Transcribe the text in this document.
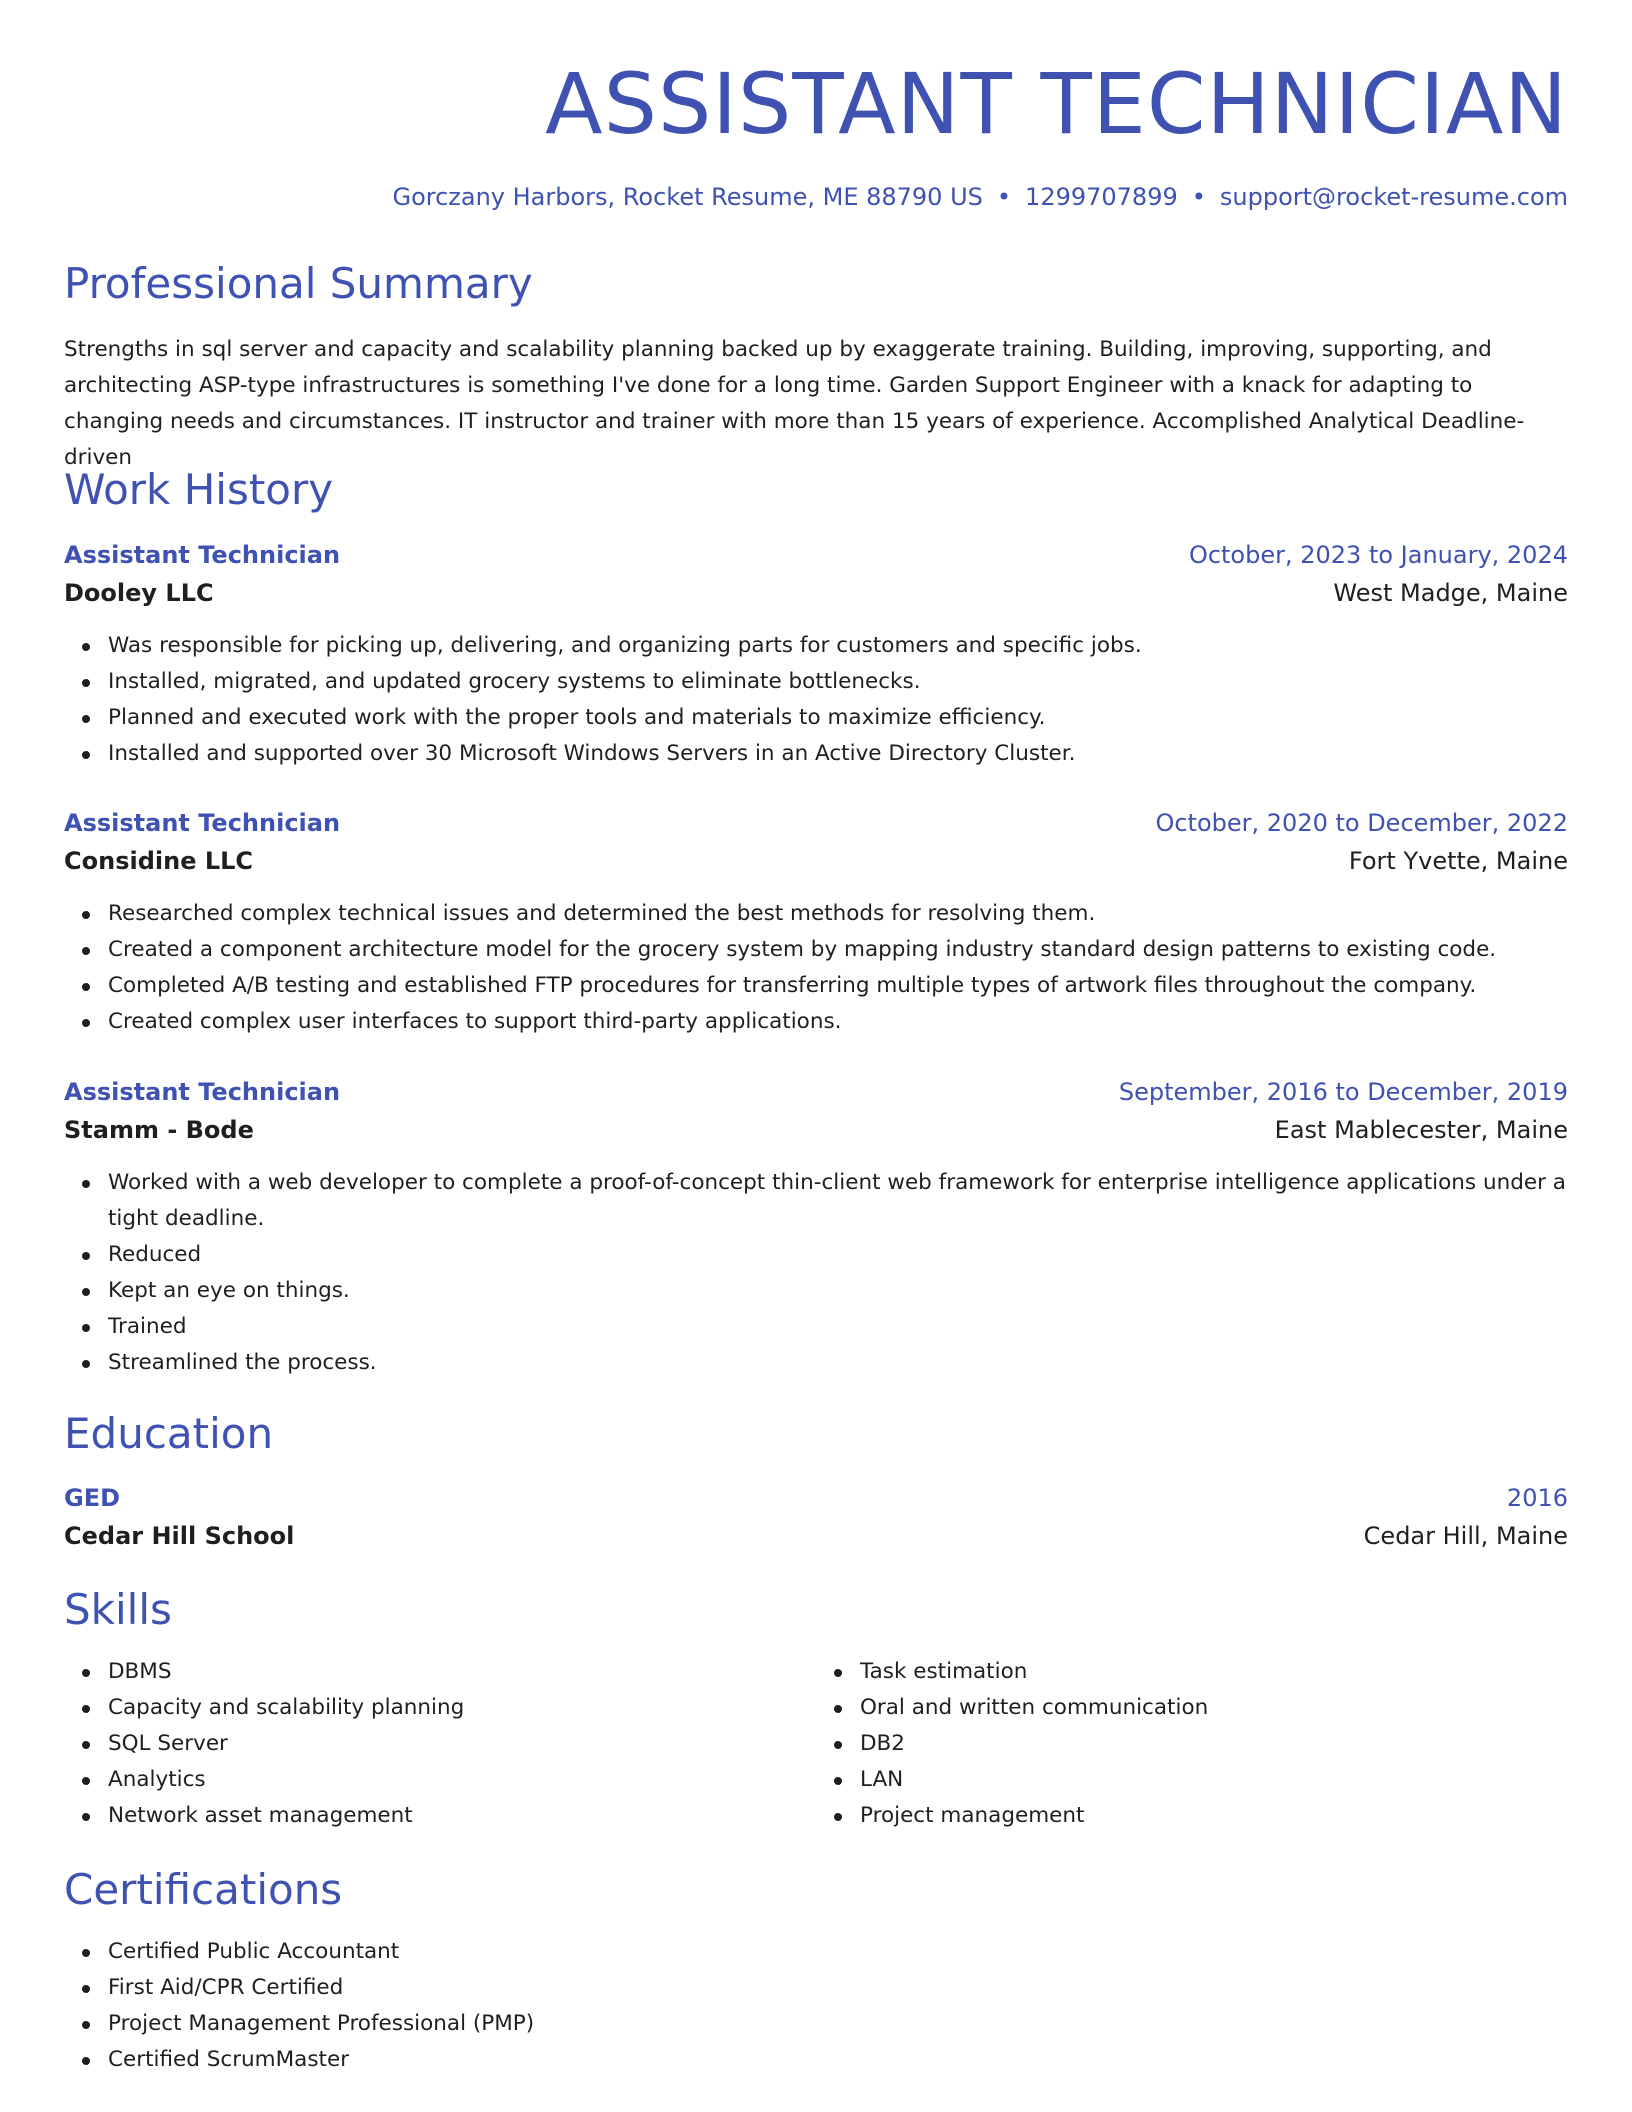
ASSISTANT TECHNICIAN
Gorczany Harbors, Rocket Resume, ME 88790 US • 1299707899 • support@rocket-resume.com
Professional Summary
Strengths in sql server and capacity and scalability planning backed up by exaggerate training. Building, improving, supporting, and architecting ASP-type infrastructures is something I've done for a long time. Garden Support Engineer with a knack for adapting to changing needs and circumstances. IT instructor and trainer with more than 15 years of experience. Accomplished Analytical Deadline-driven
Work History
Assistant Technician	October, 2023 to January, 2024
Dooley LLC	West Madge, Maine
Was responsible for picking up, delivering, and organizing parts for customers and specific jobs.
Installed, migrated, and updated grocery systems to eliminate bottlenecks.
Planned and executed work with the proper tools and materials to maximize efficiency.
Installed and supported over 30 Microsoft Windows Servers in an Active Directory Cluster.
Assistant Technician	October, 2020 to December, 2022
Considine LLC	Fort Yvette, Maine
Researched complex technical issues and determined the best methods for resolving them.
Created a component architecture model for the grocery system by mapping industry standard design patterns to existing code.
Completed A/B testing and established FTP procedures for transferring multiple types of artwork files throughout the company.
Created complex user interfaces to support third-party applications.
Assistant Technician	September, 2016 to December, 2019
Stamm - Bode	East Mablecester, Maine
Worked with a web developer to complete a proof-of-concept thin-client web framework for enterprise intelligence applications under a tight deadline.
Reduced
Kept an eye on things.
Trained
Streamlined the process.
Education
GED	2016
Cedar Hill School	Cedar Hill, Maine
Skills
DBMS
Capacity and scalability planning
SQL Server
Analytics
Network asset management
Task estimation
Oral and written communication
DB2
LAN
Project management
Certifications
Certified Public Accountant
First Aid/CPR Certified
Project Management Professional (PMP)
Certified ScrumMaster
